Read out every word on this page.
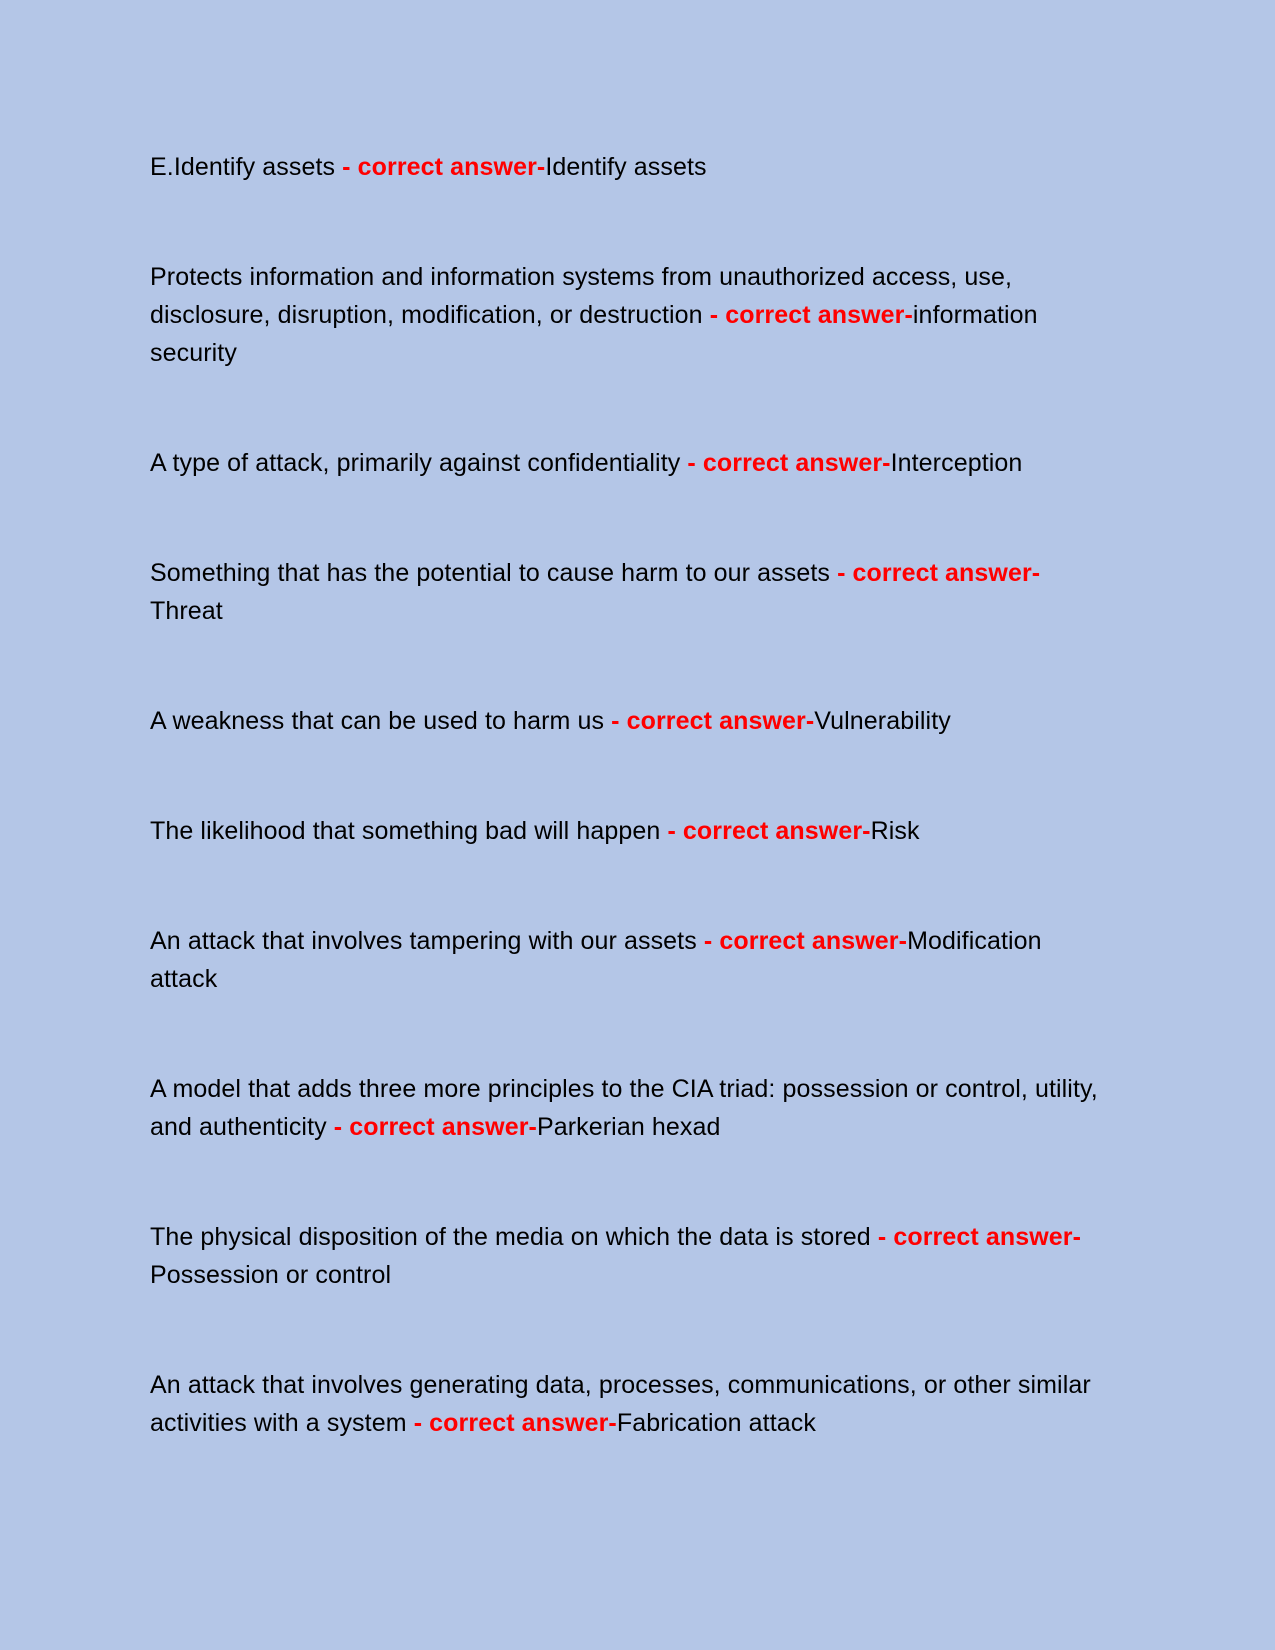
E.Identify assets - correct answer-Identify assets

Protects information and information systems from unauthorized access, use, disclosure, disruption, modification, or destruction - correct answer-information security

A type of attack, primarily against confidentiality - correct answer-Interception

Something that has the potential to cause harm to our assets - correct answer-Threat

A weakness that can be used to harm us - correct answer-Vulnerability

The likelihood that something bad will happen - correct answer-Risk

An attack that involves tampering with our assets - correct answer-Modification attack

A model that adds three more principles to the CIA triad: possession or control, utility, and authenticity - correct answer-Parkerian hexad

The physical disposition of the media on which the data is stored - correct answer-Possession or control

An attack that involves generating data, processes, communications, or other similar activities with a system - correct answer-Fabrication attack
